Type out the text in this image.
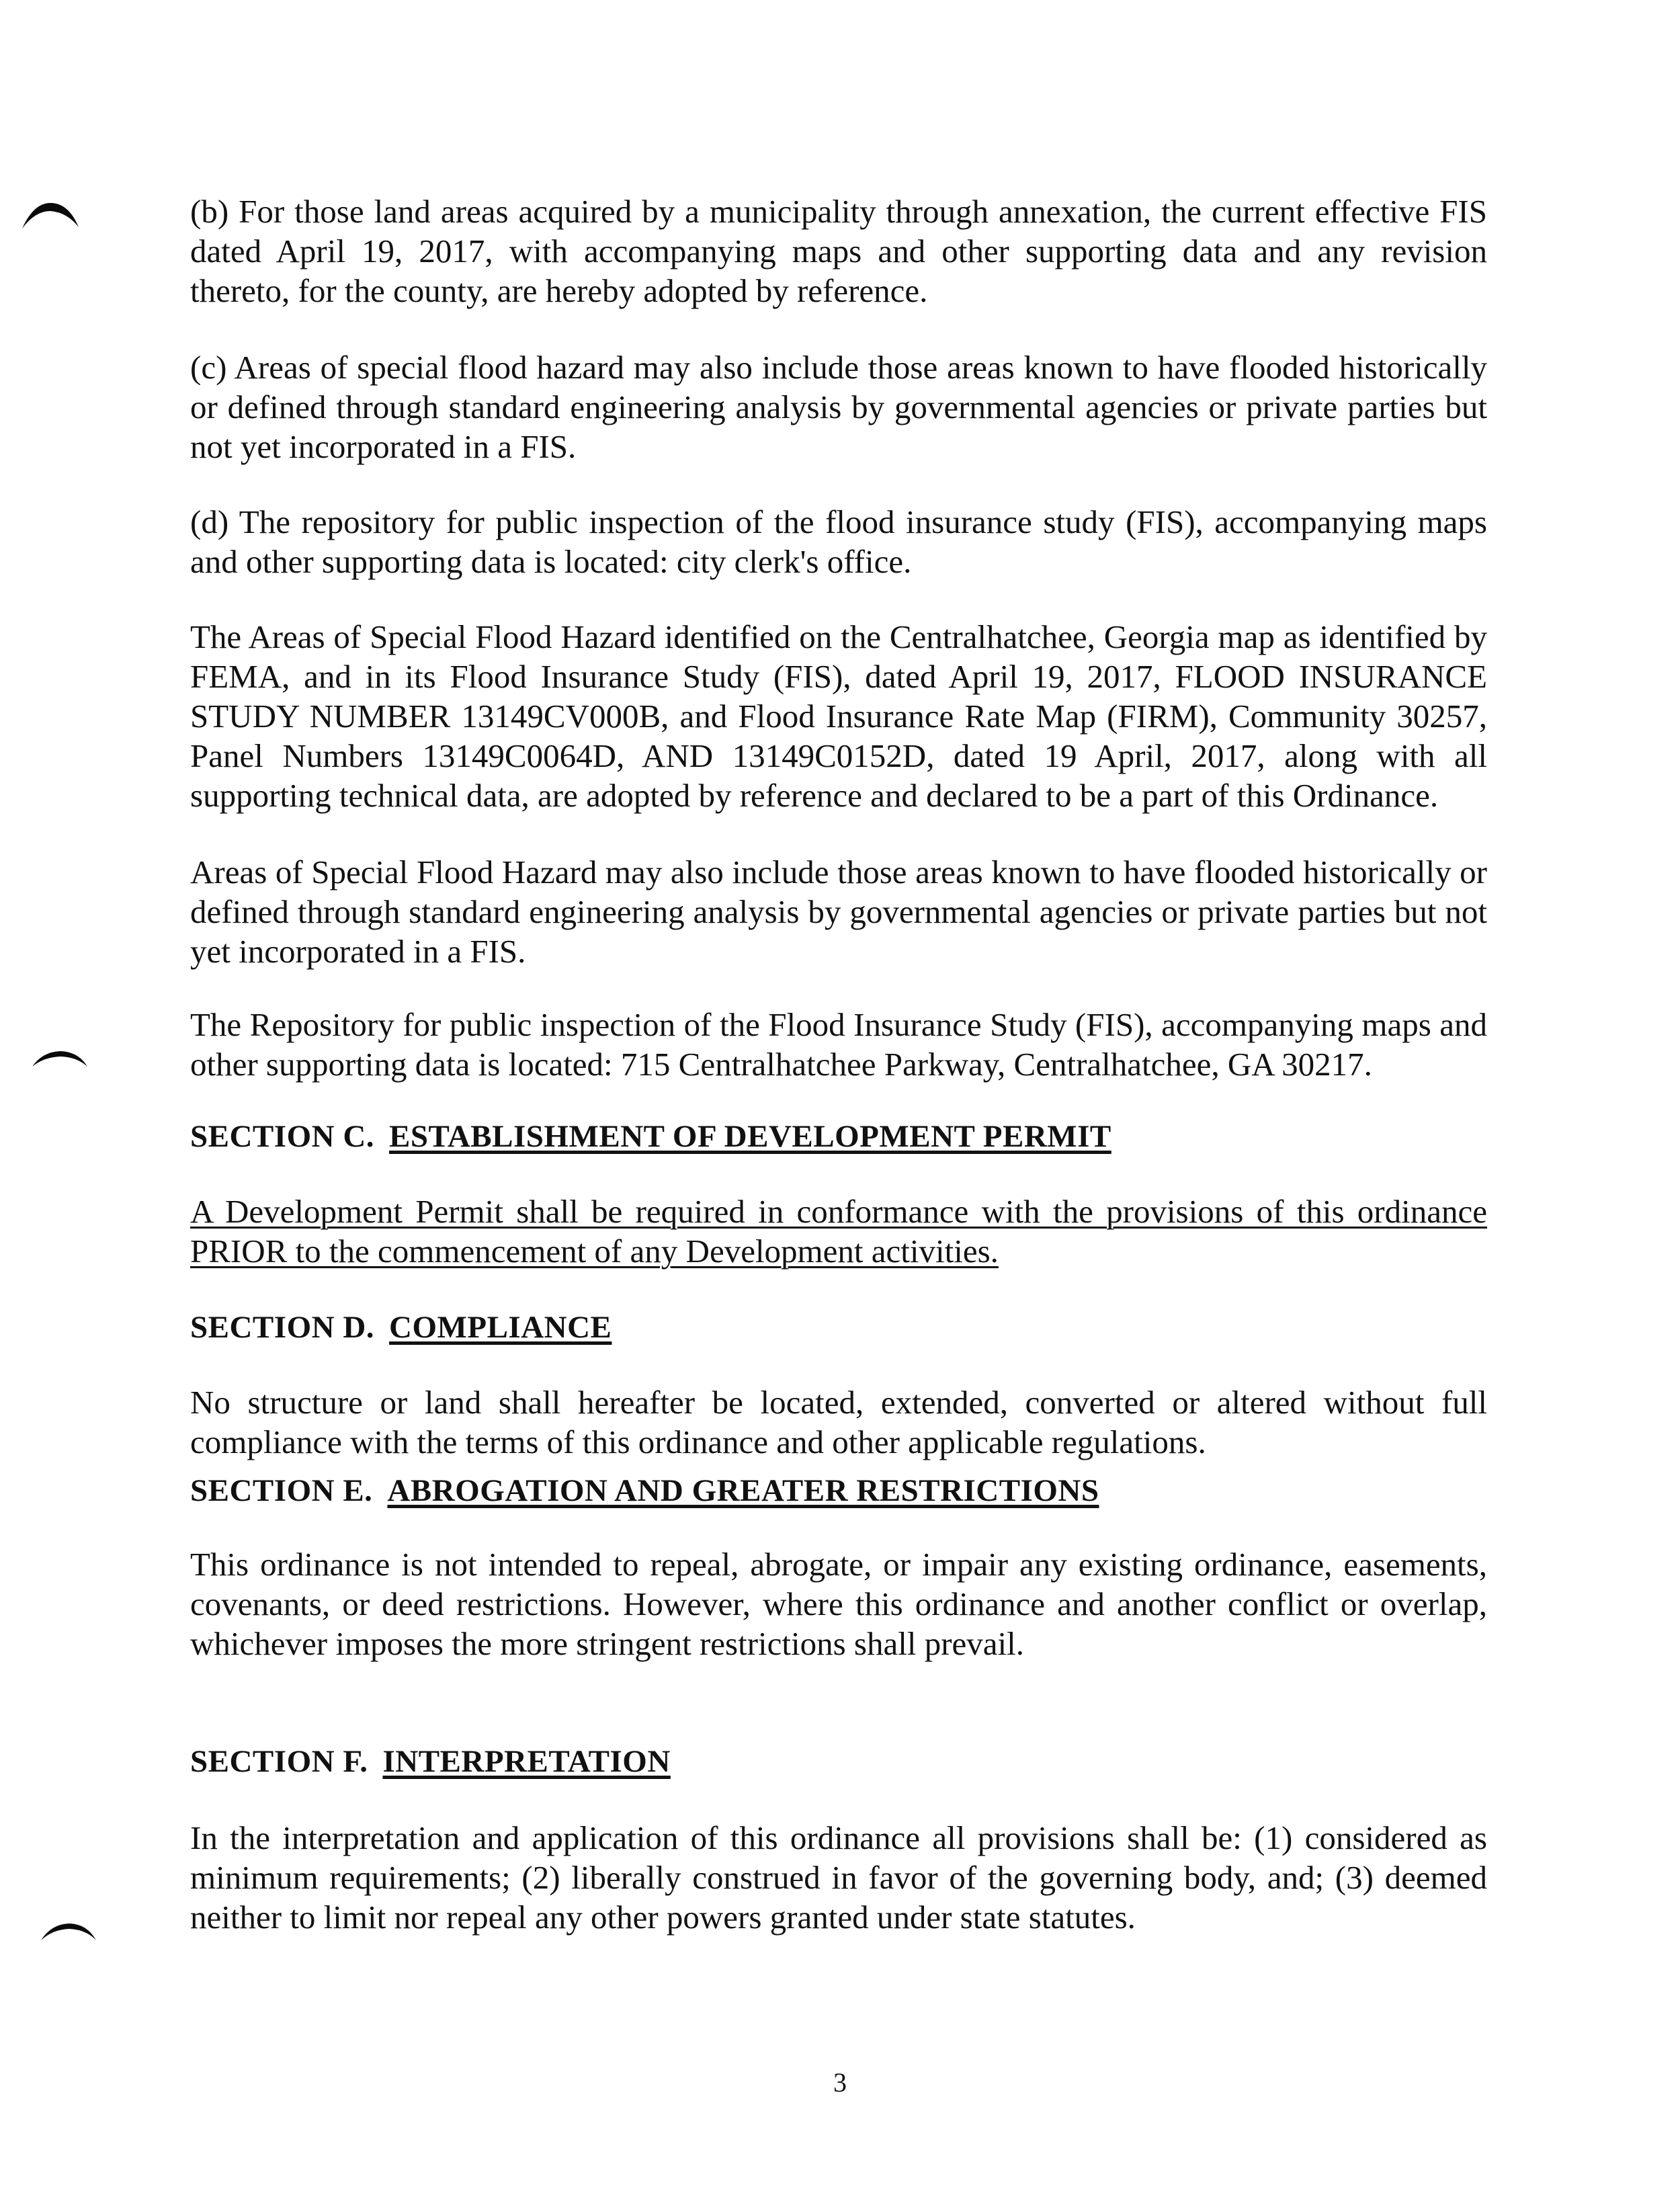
(b) For those land areas acquired by a municipality through annexation, the current effective FIS dated April 19, 2017, with accompanying maps and other supporting data and any revision thereto, for the county, are hereby adopted by reference.

(c) Areas of special flood hazard may also include those areas known to have flooded historically or defined through standard engineering analysis by governmental agencies or private parties but not yet incorporated in a FIS.

(d) The repository for public inspection of the flood insurance study (FIS), accompanying maps and other supporting data is located: city clerk's office.

The Areas of Special Flood Hazard identified on the Centralhatchee, Georgia map as identified by FEMA, and in its Flood Insurance Study (FIS), dated April 19, 2017, FLOOD INSURANCE STUDY NUMBER 13149CV000B, and Flood Insurance Rate Map (FIRM), Community 30257, Panel Numbers 13149C0064D, AND 13149C0152D, dated 19 April, 2017, along with all supporting technical data, are adopted by reference and declared to be a part of this Ordinance.

Areas of Special Flood Hazard may also include those areas known to have flooded historically or defined through standard engineering analysis by governmental agencies or private parties but not yet incorporated in a FIS.

The Repository for public inspection of the Flood Insurance Study (FIS), accompanying maps and other supporting data is located: 715 Centralhatchee Parkway, Centralhatchee, GA 30217.

SECTION C. ESTABLISHMENT OF DEVELOPMENT PERMIT

A Development Permit shall be required in conformance with the provisions of this ordinance PRIOR to the commencement of any Development activities.

SECTION D. COMPLIANCE

No structure or land shall hereafter be located, extended, converted or altered without full compliance with the terms of this ordinance and other applicable regulations.

SECTION E. ABROGATION AND GREATER RESTRICTIONS

This ordinance is not intended to repeal, abrogate, or impair any existing ordinance, easements, covenants, or deed restrictions. However, where this ordinance and another conflict or overlap, whichever imposes the more stringent restrictions shall prevail.

SECTION F. INTERPRETATION

In the interpretation and application of this ordinance all provisions shall be: (1) considered as minimum requirements; (2) liberally construed in favor of the governing body, and; (3) deemed neither to limit nor repeal any other powers granted under state statutes.

3
